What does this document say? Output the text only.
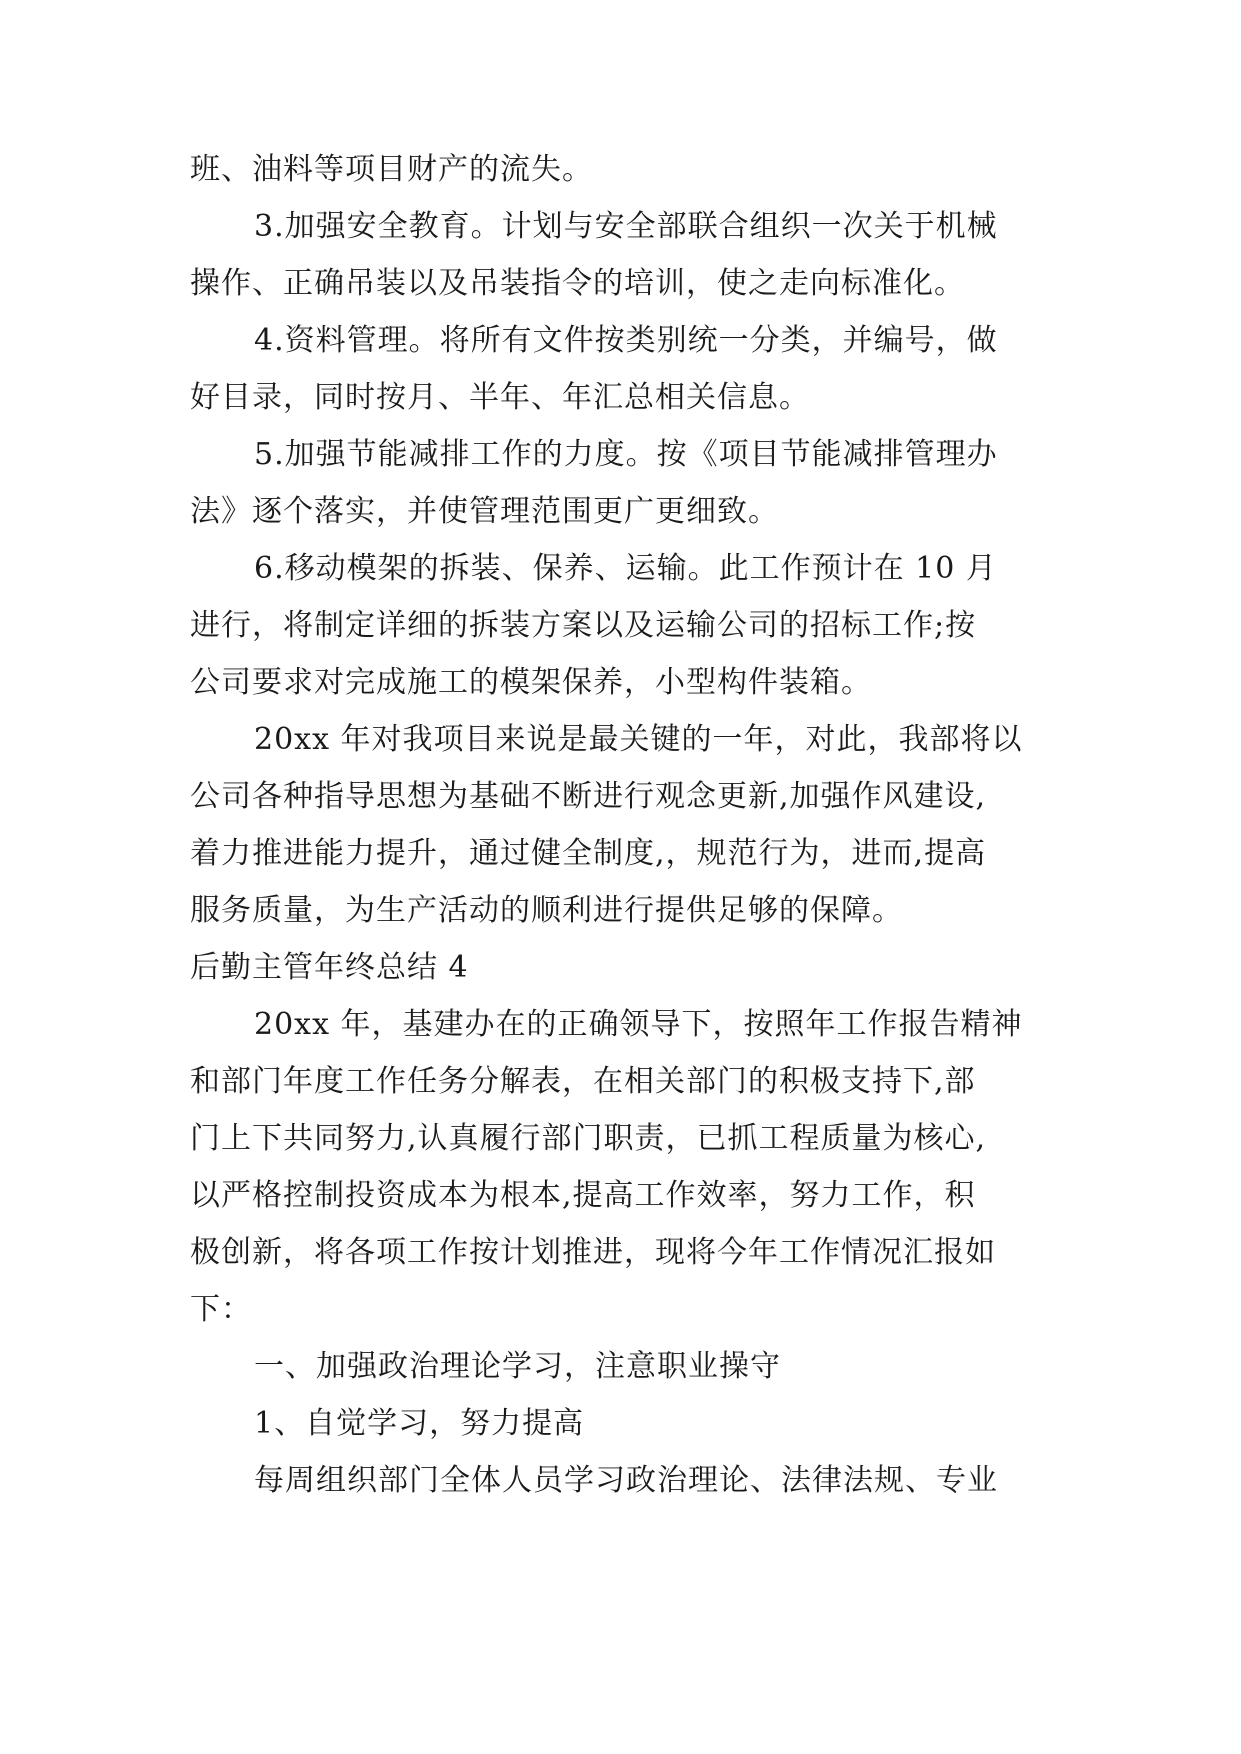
班、油料等项目财产的流失。

3.加强安全教育。计划与安全部联合组织一次关于机械

操作、正确吊装以及吊装指令的培训，使之走向标准化。

4.资料管理。将所有文件按类别统一分类，并编号，做

好目录，同时按月、半年、年汇总相关信息。

5.加强节能减排工作的力度。按《项目节能减排管理办

法》逐个落实，并使管理范围更广更细致。

6.移动模架的拆装、保养、运输。此工作预计在 10 月

进行，将制定详细的拆装方案以及运输公司的招标工作;按

公司要求对完成施工的模架保养，小型构件装箱。

20xx 年对我项目来说是最关键的一年，对此，我部将以

公司各种指导思想为基础不断进行观念更新,加强作风建设,

着力推进能力提升，通过健全制度,，规范行为，进而,提高

服务质量，为生产活动的顺利进行提供足够的保障。

后勤主管年终总结 4

20xx 年，基建办在的正确领导下，按照年工作报告精神

和部门年度工作任务分解表，在相关部门的积极支持下,部

门上下共同努力,认真履行部门职责，已抓工程质量为核心,

以严格控制投资成本为根本,提高工作效率，努力工作，积

极创新，将各项工作按计划推进，现将今年工作情况汇报如

下：

一、加强政治理论学习，注意职业操守

1、自觉学习，努力提高

每周组织部门全体人员学习政治理论、法律法规、专业
